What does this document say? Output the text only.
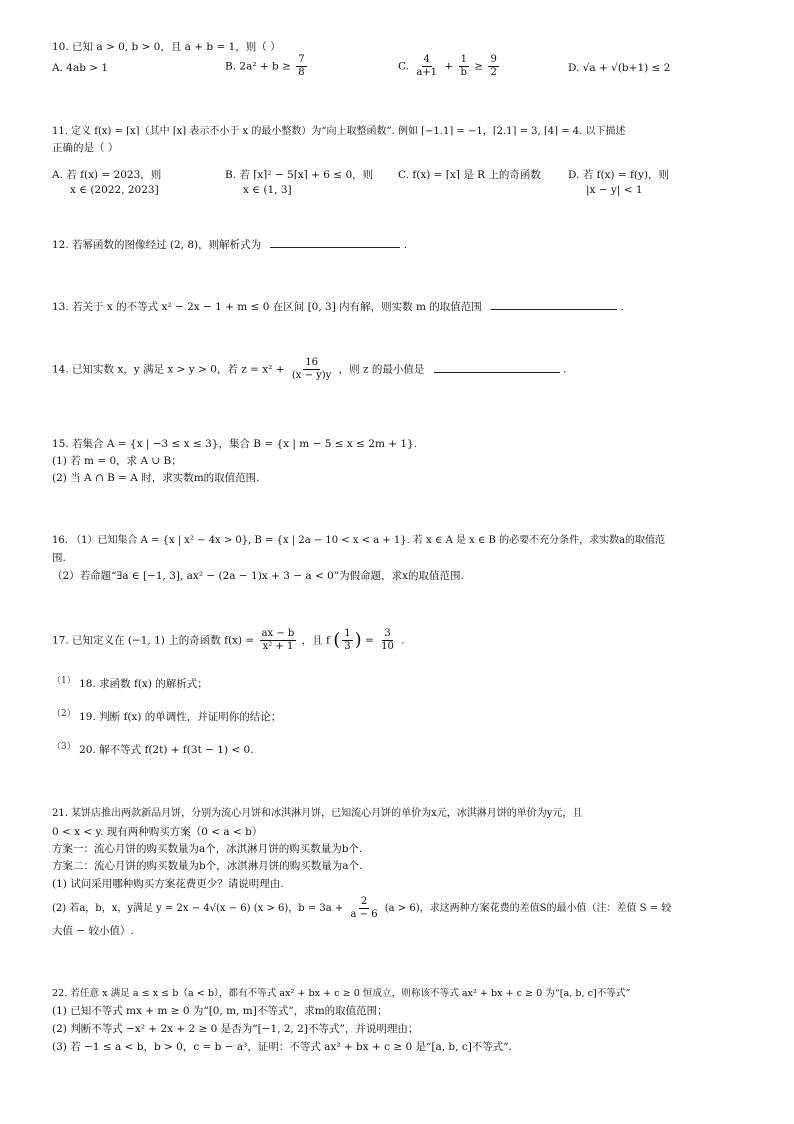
10. 已知 a > 0, b > 0，且 a + b = 1，则（ ）
A. 4ab > 1	B. $2a^2 + b \ge \frac{7}{8}$	C. $\frac{4}{a+1} + \frac{1}{b} \ge \frac{9}{2}$	D. √a + √(b+1) ≤ 2
11. 定义 f(x) = ⌈x⌉（其中 ⌈x⌉ 表示不小于 x 的最小整数）为“向上取整函数”. 例如 ⌈−1.1⌉ = −1，⌈2.1⌉ = 3, ⌈4⌉ = 4. 以下描述
正确的是（ ）
A. 若 f(x) = 2023，则
x ∈ (2022, 2023]
B. 若 ⌈x⌉² − 5⌈x⌉ + 6 ≤ 0，则
x ∈ (1, 3]
C. f(x) = ⌈x⌉ 是 R 上的奇函数	D. 若 f(x) = f(y)，则
|x − y| < 1
12. 若幂函数的图像经过 (2, 8)，则解析式为	.
13. 若关于 x 的不等式 x² − 2x − 1 + m ≤ 0 在区间 [0, 3] 内有解，则实数 m 的取值范围	.
14. 已知实数 x，y 满足 x > y > 0，若 $z = x^2 + \frac{16}{(x - y)y}$ ，则 z 的最小值是	.
15. 若集合 A = {x | −3 ≤ x ≤ 3}，集合 B = {x | m − 5 ≤ x ≤ 2m + 1}.
(1) 若 m = 0，求 A ∪ B；
(2) 当 A ∩ B = A 时，求实数m的取值范围.
16. （1）已知集合 A = {x | x² − 4x > 0}, B = {x | 2a − 10 < x < a + 1}. 若 x ∈ A 是 x ∈ B 的必要不充分条件，求实数a的取值范
围.
（2）若命题“∃a ∈ [−1, 3], ax² − (2a − 1)x + 3 − a < 0”为假命题，求x的取值范围.
17. 已知定义在 (−1, 1) 上的奇函数 $f(x) = \frac{ax - b}{\text{x² + 1}}$ ，且 f ( $\frac{1}{3}$ ) = $\frac{3}{10}$ .
（1） 18. 求函数 f(x) 的解析式；
（2） 19. 判断 f(x) 的单调性，并证明你的结论；
（3） 20. 解不等式 f(2t) + f(3t − 1) < 0.
21. 某饼店推出两款新品月饼，分别为流心月饼和冰淇淋月饼，已知流心月饼的单价为x元，冰淇淋月饼的单价为y元，且
0 < x < y. 现有两种购买方案（0 < a < b）
方案一：流心月饼的购买数量为a个，冰淇淋月饼的购买数量为b个.
方案二：流心月饼的购买数量为b个，冰淇淋月饼的购买数量为a个.
(1) 试问采用哪种购买方案花费更少？请说明理由.
(2) 若a，b，x，y满足 y = 2x − 4√(x − 6) (x > 6)，$b = 3a + \frac{2}{a - 6} (a > 6)$，求这两种方案花费的差值S的最小值（注：差值 S = 较
大值 − 较小值）.
22. 若任意 x 满足 a ≤ x ≤ b（a < b），都有不等式 ax² + bx + c ≥ 0 恒成立，则称该不等式 ax² + bx + c ≥ 0 为“[a, b, c]不等式”
(1) 已知不等式 mx + m ≥ 0 为“[0, m, m]不等式”，求m的取值范围；
(2) 判断不等式 −x² + 2x + 2 ≥ 0 是否为“[−1, 2, 2]不等式”，并说明理由；
(3) 若 −1 ≤ a < b，b > 0，c = b − a³，证明：不等式 ax² + bx + c ≥ 0 是“[a, b, c]不等式”.
